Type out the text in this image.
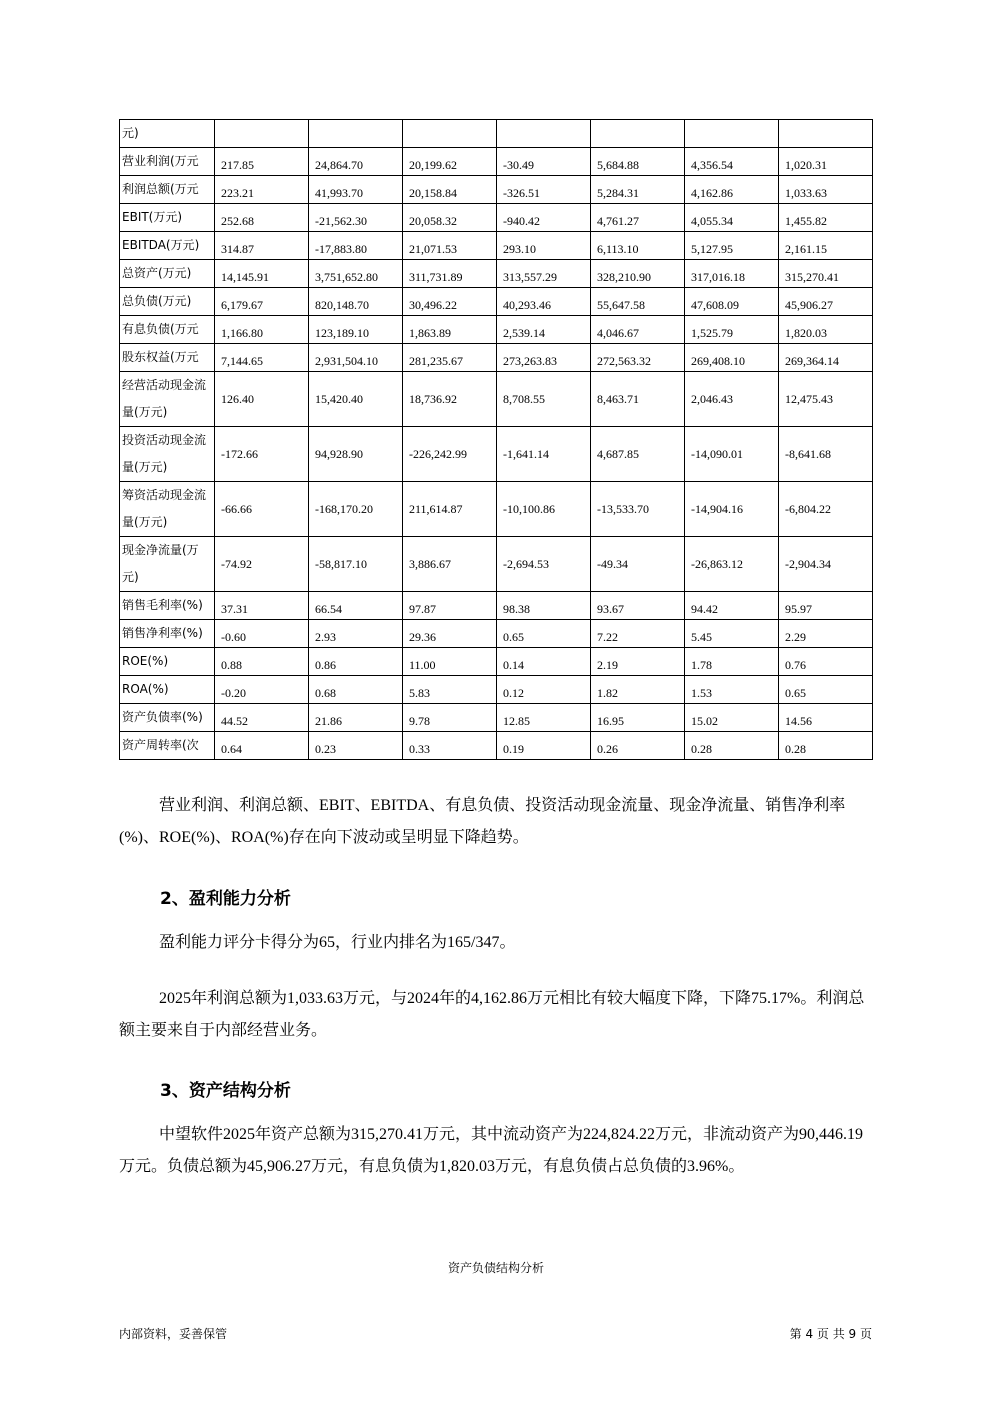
元)							
营业利润(万元	217.85	24,864.70	20,199.62	-30.49	5,684.88	4,356.54	1,020.31
利润总额(万元	223.21	41,993.70	20,158.84	-326.51	5,284.31	4,162.86	1,033.63
EBIT(万元)	252.68	-21,562.30	20,058.32	-940.42	4,761.27	4,055.34	1,455.82
EBITDA(万元)	314.87	-17,883.80	21,071.53	293.10	6,113.10	5,127.95	2,161.15
总资产(万元)	14,145.91	3,751,652.80	311,731.89	313,557.29	328,210.90	317,016.18	315,270.41
总负债(万元)	6,179.67	820,148.70	30,496.22	40,293.46	55,647.58	47,608.09	45,906.27
有息负债(万元	1,166.80	123,189.10	1,863.89	2,539.14	4,046.67	1,525.79	1,820.03
股东权益(万元	7,144.65	2,931,504.10	281,235.67	273,263.83	272,563.32	269,408.10	269,364.14
经营活动现金流量(万元)	126.40	15,420.40	18,736.92	8,708.55	8,463.71	2,046.43	12,475.43
投资活动现金流量(万元)	-172.66	94,928.90	-226,242.99	-1,641.14	4,687.85	-14,090.01	-8,641.68
筹资活动现金流量(万元)	-66.66	-168,170.20	211,614.87	-10,100.86	-13,533.70	-14,904.16	-6,804.22
现金净流量(万元)	-74.92	-58,817.10	3,886.67	-2,694.53	-49.34	-26,863.12	-2,904.34
销售毛利率(%)	37.31	66.54	97.87	98.38	93.67	94.42	95.97
销售净利率(%)	-0.60	2.93	29.36	0.65	7.22	5.45	2.29
ROE(%)	0.88	0.86	11.00	0.14	2.19	1.78	0.76
ROA(%)	-0.20	0.68	5.83	0.12	1.82	1.53	0.65
资产负债率(%)	44.52	21.86	9.78	12.85	16.95	15.02	14.56
资产周转率(次	0.64	0.23	0.33	0.19	0.26	0.28	0.28

营业利润、利润总额、EBIT、EBITDA、有息负债、投资活动现金流量、现金净流量、销售净利率(%)、ROE(%)、ROA(%)存在向下波动或呈明显下降趋势。

2、盈利能力分析

盈利能力评分卡得分为65，行业内排名为165/347。

2025年利润总额为1,033.63万元，与2024年的4,162.86万元相比有较大幅度下降，下降75.17%。利润总额主要来自于内部经营业务。

3、资产结构分析

中望软件2025年资产总额为315,270.41万元，其中流动资产为224,824.22万元，非流动资产为90,446.19万元。负债总额为45,906.27万元，有息负债为1,820.03万元，有息负债占总负债的3.96%。

资产负债结构分析
内部资料，妥善保管	第 4 页 共 9 页
